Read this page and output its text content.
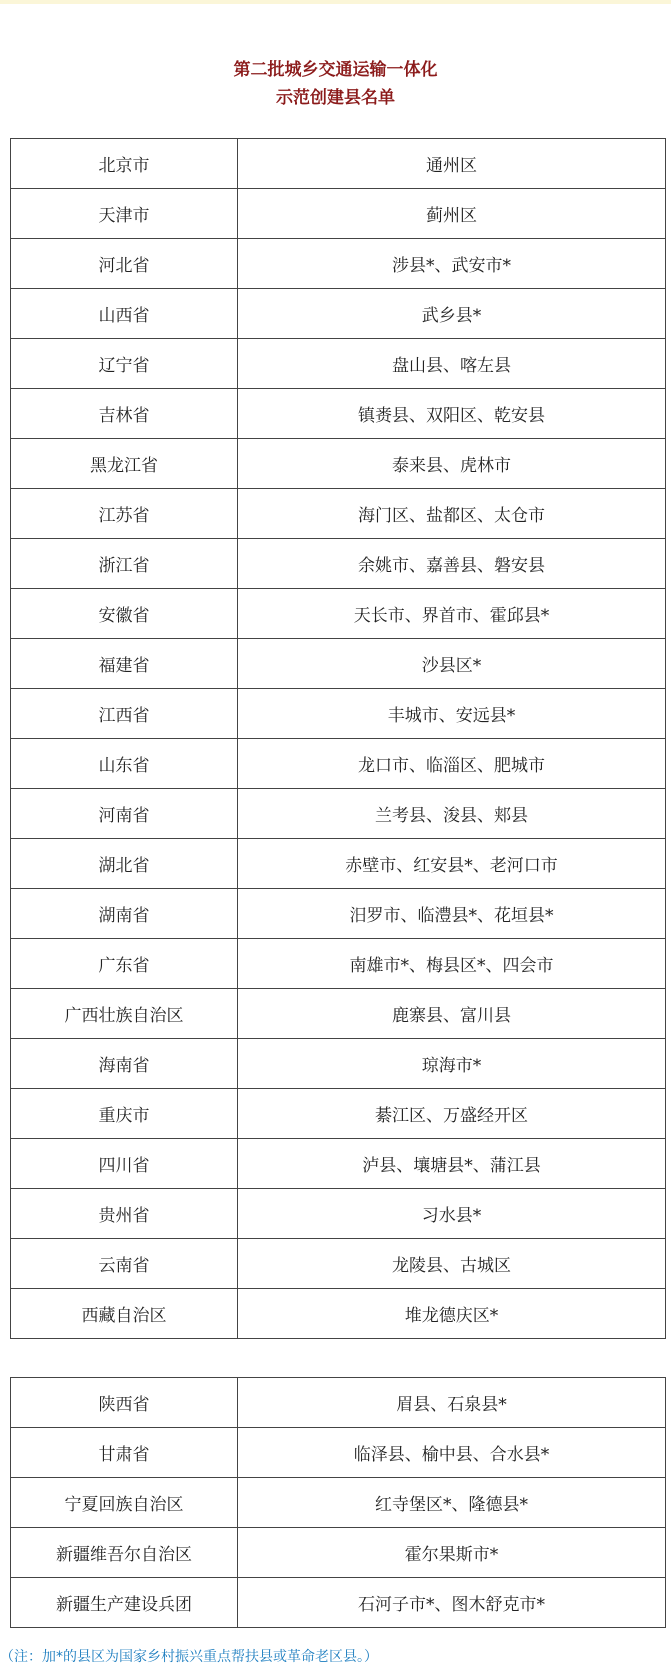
第二批城乡交通运输一体化
示范创建县名单
北京市	通州区
天津市	蓟州区
河北省	涉县*、武安市*
山西省	武乡县*
辽宁省	盘山县、喀左县
吉林省	镇赉县、双阳区、乾安县
黑龙江省	泰来县、虎林市
江苏省	海门区、盐都区、太仓市
浙江省	余姚市、嘉善县、磐安县
安徽省	天长市、界首市、霍邱县*
福建省	沙县区*
江西省	丰城市、安远县*
山东省	龙口市、临淄区、肥城市
河南省	兰考县、浚县、郏县
湖北省	赤壁市、红安县*、老河口市
湖南省	汨罗市、临澧县*、花垣县*
广东省	南雄市*、梅县区*、四会市
广西壮族自治区	鹿寨县、富川县
海南省	琼海市*
重庆市	綦江区、万盛经开区
四川省	泸县、壤塘县*、蒲江县
贵州省	习水县*
云南省	龙陵县、古城区
西藏自治区	堆龙德庆区*
陕西省	眉县、石泉县*
甘肃省	临泽县、榆中县、合水县*
宁夏回族自治区	红寺堡区*、隆德县*
新疆维吾尔自治区	霍尔果斯市*
新疆生产建设兵团	石河子市*、图木舒克市*
（注：加*的县区为国家乡村振兴重点帮扶县或革命老区县。）
